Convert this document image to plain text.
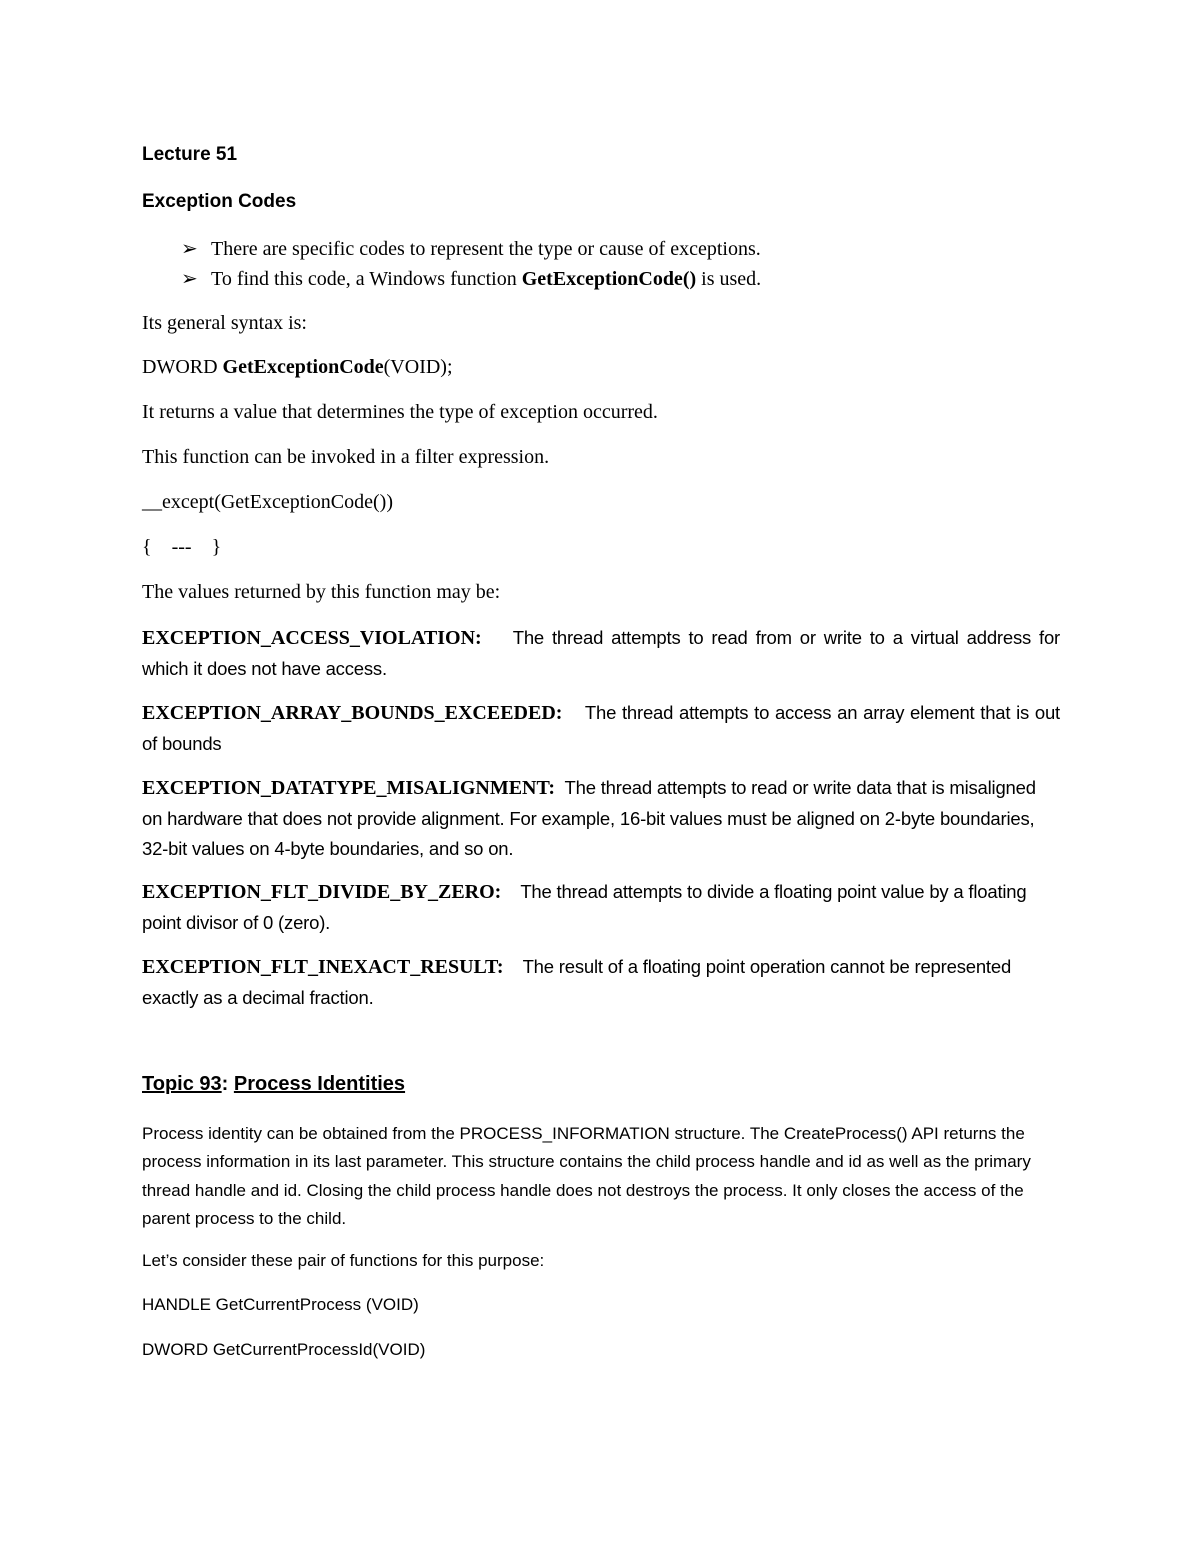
Lecture 51
Exception Codes
➢ There are specific codes to represent the type or cause of exceptions.
➢ To find this code, a Windows function GetExceptionCode() is used.
Its general syntax is:
DWORD GetExceptionCode(VOID);
It returns a value that determines the type of exception occurred.
This function can be invoked in a filter expression.
__except(GetExceptionCode())
{    ---    }
The values returned by this function may be:
EXCEPTION_ACCESS_VIOLATION: The thread attempts to read from or write to a virtual address for which it does not have access.
EXCEPTION_ARRAY_BOUNDS_EXCEEDED: The thread attempts to access an array element that is out of bounds
EXCEPTION_DATATYPE_MISALIGNMENT: The thread attempts to read or write data that is misaligned on hardware that does not provide alignment. For example, 16-bit values must be aligned on 2-byte boundaries, 32-bit values on 4-byte boundaries, and so on.
EXCEPTION_FLT_DIVIDE_BY_ZERO: The thread attempts to divide a floating point value by a floating point divisor of 0 (zero).
EXCEPTION_FLT_INEXACT_RESULT: The result of a floating point operation cannot be represented exactly as a decimal fraction.
Topic 93: Process Identities
Process identity can be obtained from the PROCESS_INFORMATION structure. The CreateProcess() API returns the process information in its last parameter. This structure contains the child process handle and id as well as the primary thread handle and id. Closing the child process handle does not destroys the process. It only closes the access of the parent process to the child.
Let’s consider these pair of functions for this purpose:
HANDLE GetCurrentProcess (VOID)
DWORD GetCurrentProcessId(VOID)
